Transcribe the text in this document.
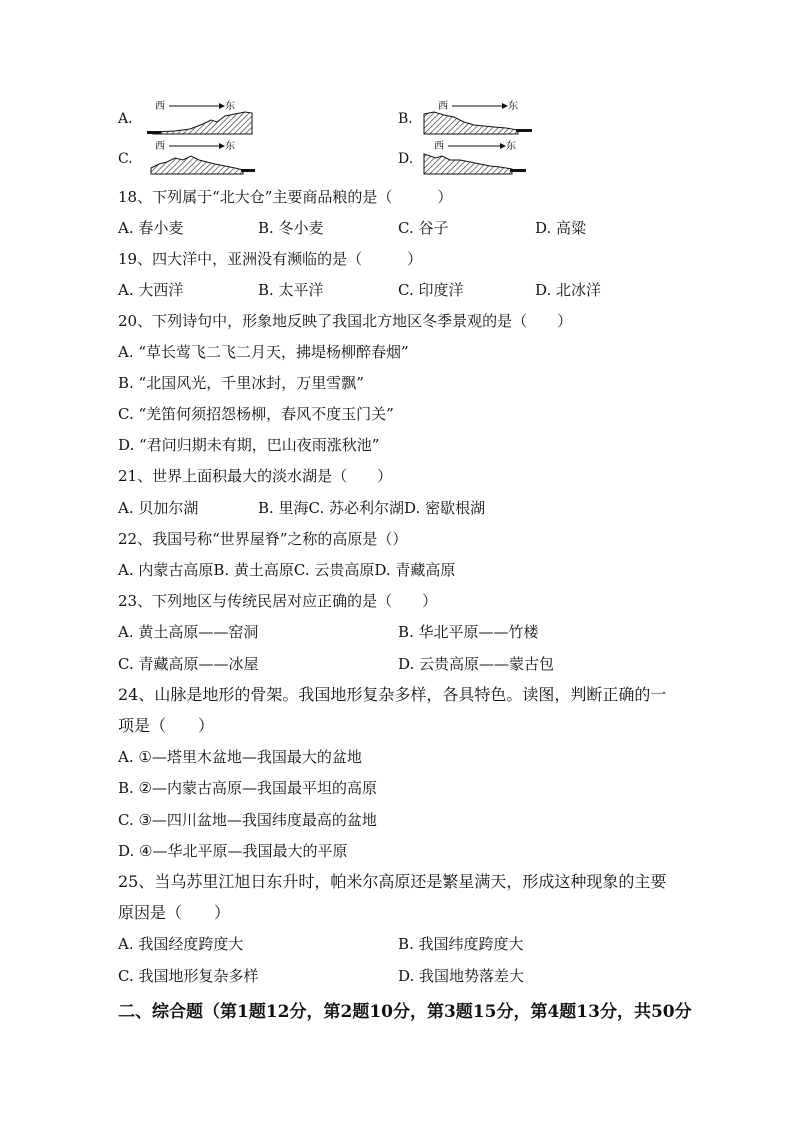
A.	B.
C.	D.
西	东	西	东
西	东	西	东
18、下列属于“北大仓”主要商品粮的是（　　　）
A. 春小麦	B. 冬小麦	C. 谷子	D. 高粱
19、四大洋中，亚洲没有濒临的是（　　　）
A. 大西洋	B. 太平洋	C. 印度洋	D. 北冰洋
20、下列诗句中，形象地反映了我国北方地区冬季景观的是（　　）
A. “草长莺飞二飞二月天，拂堤杨柳醉春烟”
B. “北国风光，千里冰封，万里雪飘”
C. “羌笛何须招怨杨柳，春风不度玉门关”
D. “君问归期未有期，巴山夜雨涨秋池”
21、世界上面积最大的淡水湖是（　　）
A. 贝加尔湖	B. 里海C. 苏必利尔湖D. 密歇根湖
22、我国号称“世界屋脊”之称的高原是（）
A. 内蒙古高原B. 黄土高原C. 云贵高原D. 青藏高原
23、下列地区与传统民居对应正确的是（　　）
A. 黄土高原——窑洞	B. 华北平原——竹楼
C. 青藏高原——冰屋	D. 云贵高原——蒙古包
24、山脉是地形的骨架。我国地形复杂多样，各具特色。读图，判断正确的一
项是（　　）
A. ①—塔里木盆地—我国最大的盆地
B. ②—内蒙古高原—我国最平坦的高原
C. ③—四川盆地—我国纬度最高的盆地
D. ④—华北平原—我国最大的平原
25、当乌苏里江旭日东升时，帕米尔高原还是繁星满天，形成这种现象的主要
原因是（　　）
A. 我国经度跨度大	B. 我国纬度跨度大
C. 我国地形复杂多样	D. 我国地势落差大
二、综合题（第1题12分，第2题10分，第3题15分，第4题13分，共50分
